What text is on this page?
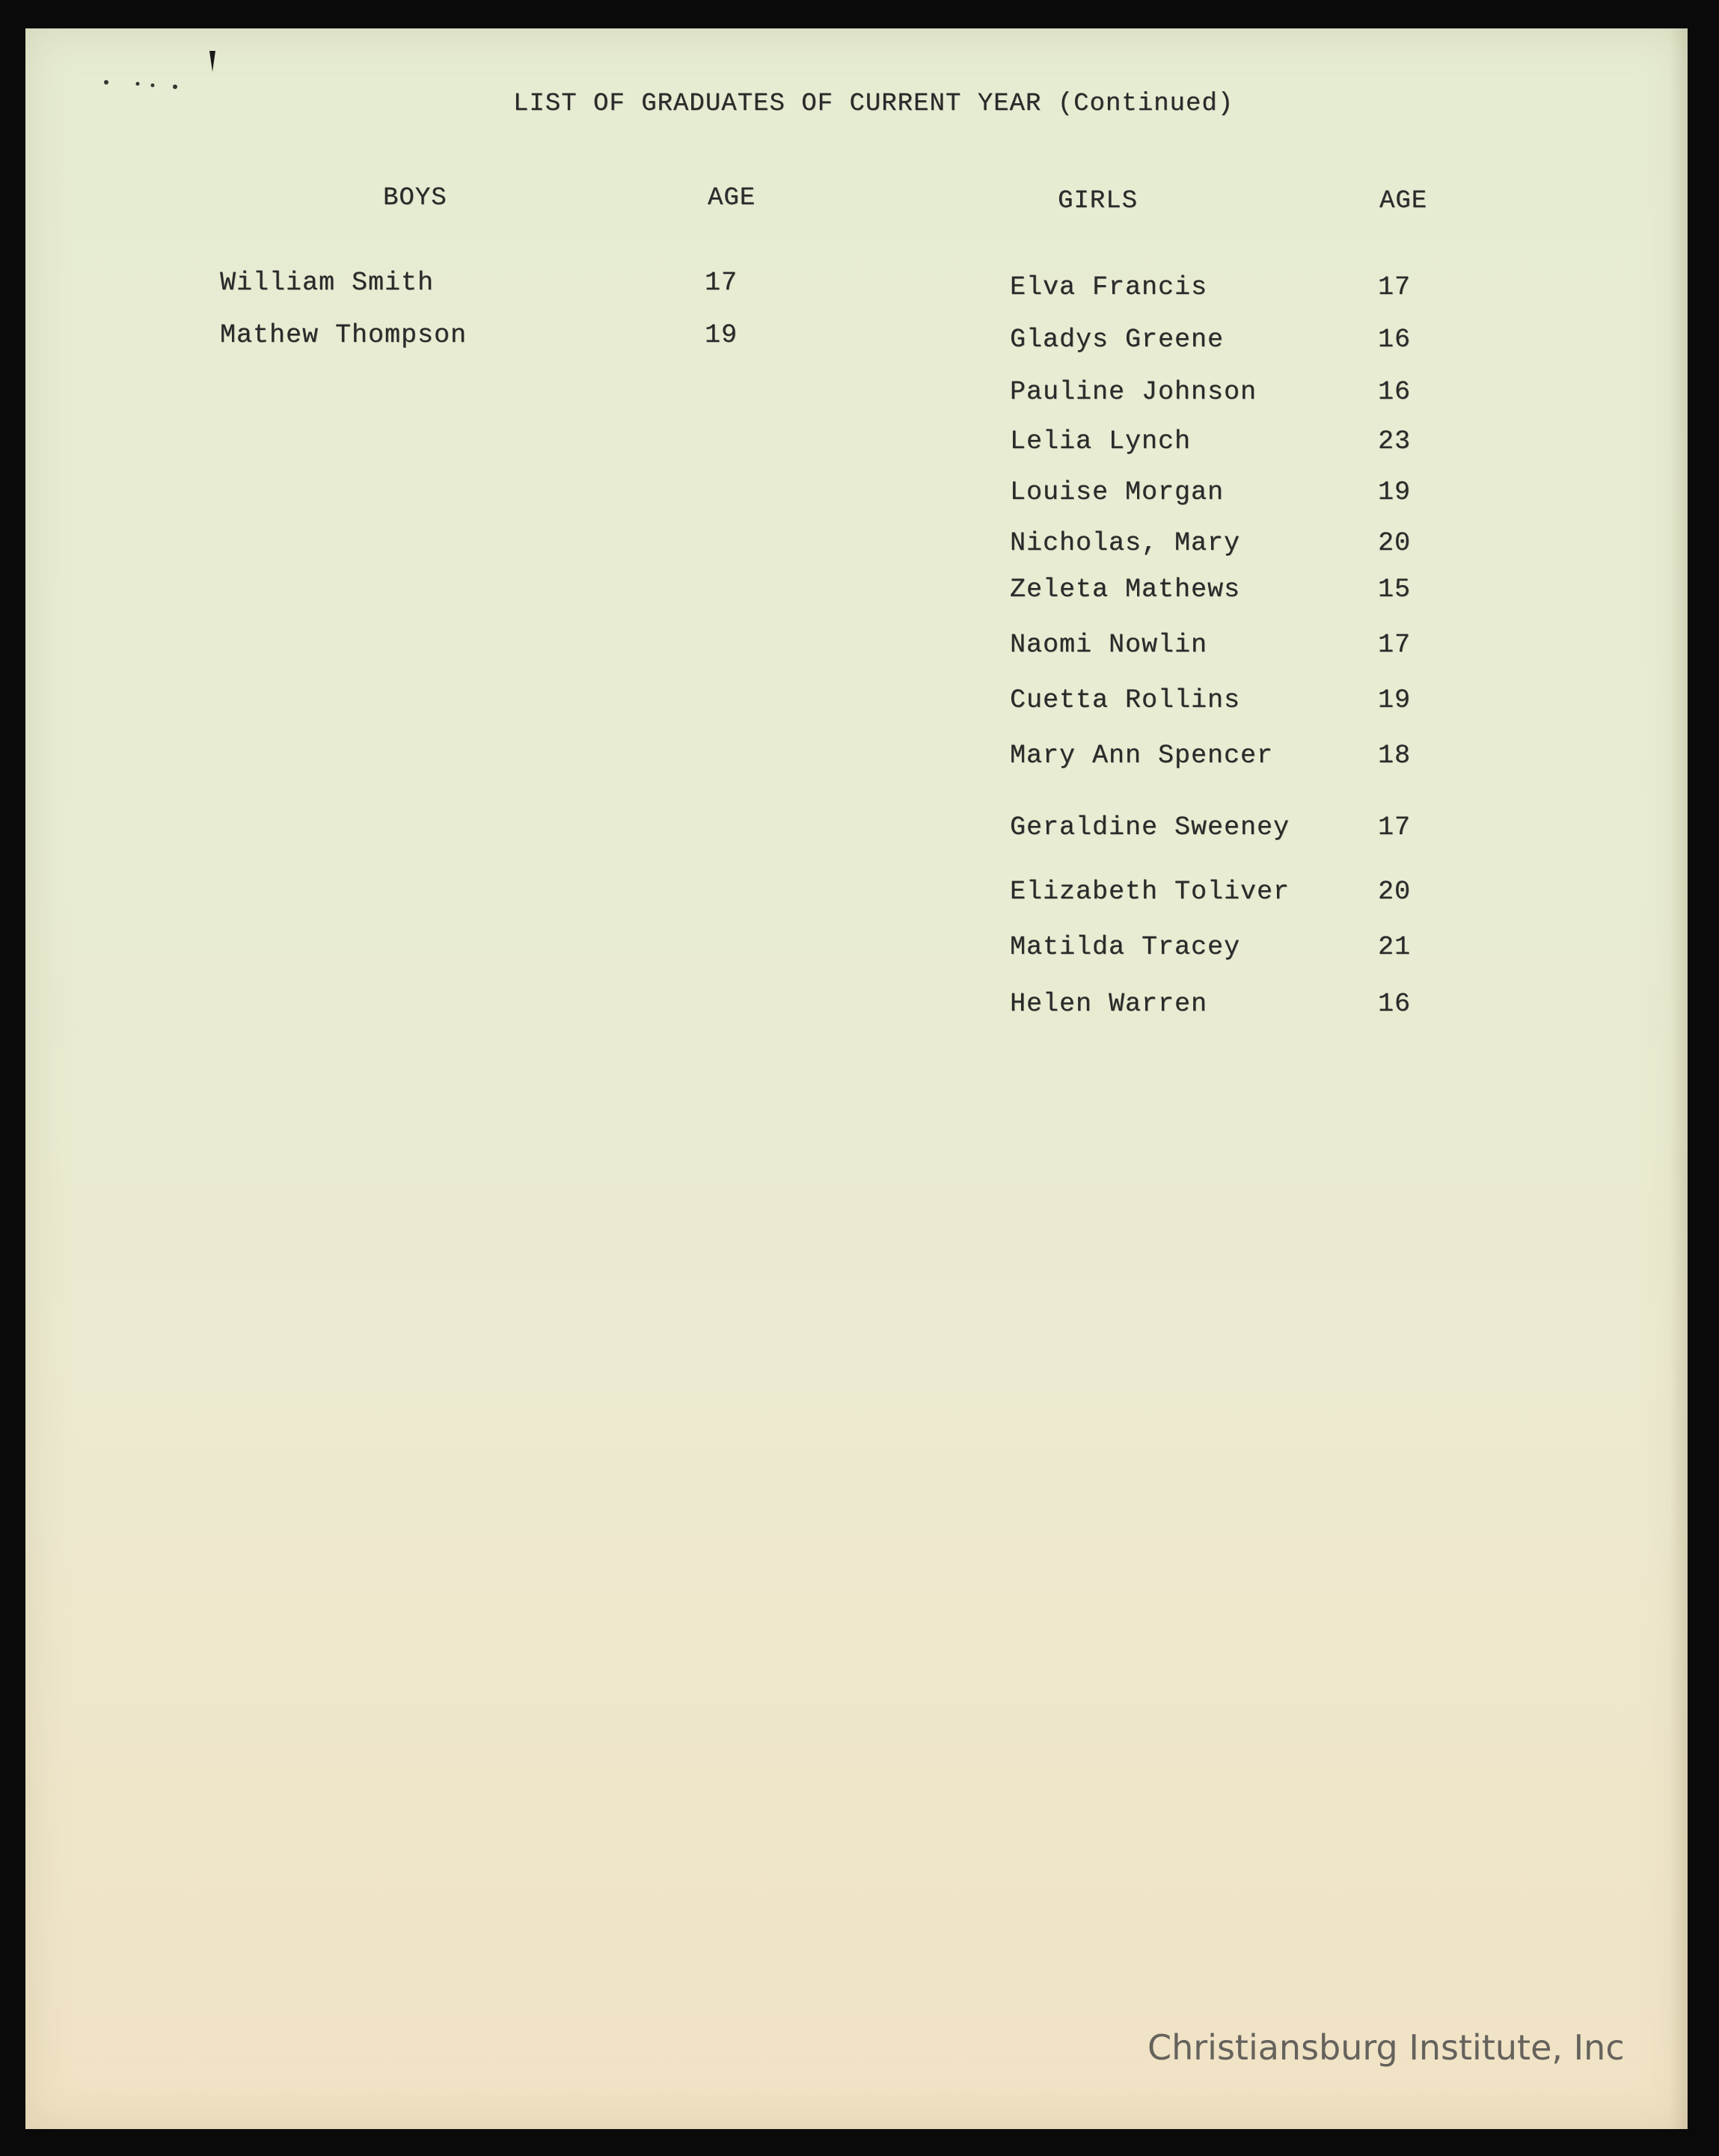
LIST OF GRADUATES OF CURRENT YEAR (Continued)
BOYS	AGE	GIRLS	AGE
William Smith	17
Mathew Thompson	19
Elva Francis	17
Gladys Greene	16
Pauline Johnson	16
Lelia Lynch	23
Louise Morgan	19
Nicholas, Mary	20
Zeleta Mathews	15
Naomi Nowlin	17
Cuetta Rollins	19
Mary Ann Spencer	18
Geraldine Sweeney	17
Elizabeth Toliver	20
Matilda Tracey	21
Helen Warren	16
Christiansburg Institute, Inc
